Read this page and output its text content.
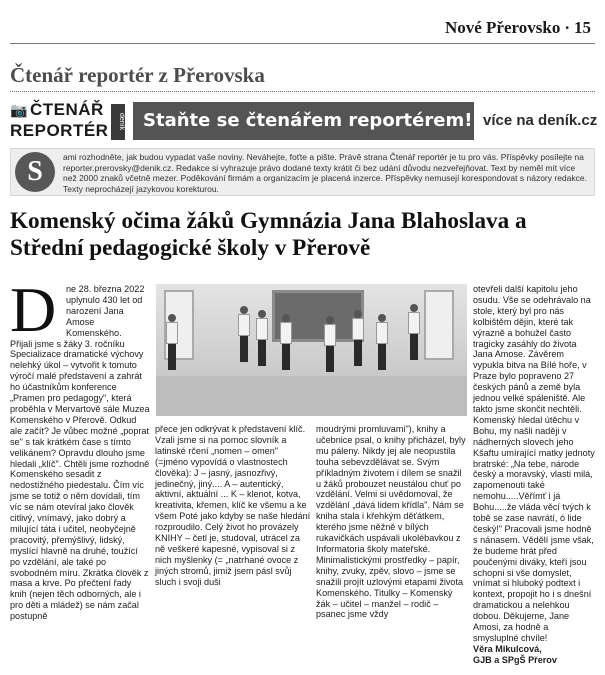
Nové Přerovsko · 15
Čtenář reportér z Přerovska
📷 ČTENÁŘ
REPORTÉR	deník	Staňte se čtenářem reportérem! více na deník.cz
S	ami rozhodněte, jak budou vypadat vaše noviny. Neváhejte, foťte a pište. Právě strana Čtenář reportér je tu pro vás. Příspěvky posílejte na reporter.prerovsky@denik.cz. Redakce si vyhrazuje právo dodané texty krátit či bez udání důvodu nezveřejňovat. Text by neměl mít více než 2000 znaků včetně mezer. Poděkování firmám a organizacím je placená inzerce. Příspěvky nemusejí korespondovat s názory redakce. Texty neprocházejí jazykovou korekturou.
Komenský očima žáků Gymnázia Jana Blahoslava a Střední pedagogické školy v Přerově
D	ne 28. března 2022 uplynulo 430 let od narození Jana Amose Komenského.

Přijali jsme s žáky 3. ročníku Specializace dramatické výchovy nelehký úkol – vytvořit k tomuto výročí malé představení a zahrát ho účastníkům konference „Pramen pro pedagogy", která proběhla v Mervartově sále Muzea Komenského v Přerově. Odkud ale začít? Je vůbec možné „poprat se" s tak krátkém čase s tímto velikánem? Opravdu dlouho jsme hledali „klíč". Chtěli jsme rozhodně Komenského sesadit z nedostižného piedestalu. Čím víc jsme se totiž o něm dovídali, tím víc se nám otevíral jako člověk citlivý, vnímavý, jako dobrý a milující táta i učitel, neobyčejně pracovitý, přemýšlivý, lidský, myslící hlavně na druhé, toužící po vzdělání, ale také po svobodném míru. Zkrátka člověk z masa a krve. Po přečtení řady knih (nejen těch odborných, ale i pro děti a mládež) se nám začal postupně

přece jen odkrývat k představení klíč. Vzali jsme si na pomoc slovník a latinské rčení „nomen – omen" (=jméno vypovídá o vlastnostech člověka): J – jasný, jasnozřivý, jedinečný, jiný.... A – autentický, aktivní, aktuální ... K – klenot, kotva, kreativita, křemen, klíč ke všemu a ke všem Poté jako kdyby se naše hledání rozproudilo. Celý život ho provázely KNIHY – četl je, studoval, utrácel za ně veškeré kapesné, vypisoval si z nich myšlenky (= „natrhané ovoce z jiných stromů, jimiž jsem pásl svůj sluch i svoji duši

moudrými promluvami"), knihy a učebnice psal, o knihy přicházel, byly mu páleny. Nikdy jej ale neopustila touha sebevzdělávat se. Svým příkladným životem i dílem se snažil u žáků probouzet neustálou chuť po vzdělání. Velmi si uvědomoval, že vzdělání „dává lidem křídla". Nám se kniha stala i křehkým děťátkem, kterého jsme něžně v bílých rukavičkách uspávali ukolébavkou z Informatoria školy mateřské. Minimalistickými prostředky – papír, knihy, zvuky, zpěv, slovo – jsme se snažili projít uzlovými etapami života Komenského. Titulky – Komenský žák – učitel – manžel – rodič – psanec jsme vždy

otevřeli další kapitolu jeho osudu. Vše se odehrávalo na stole, který byl pro nás kolbištěm dějin, které tak výrazně a bohužel často tragicky zasáhly do života Jana Amose. Závěrem vypukla bitva na Bílé hoře, v Praze bylo popraveno 27 českých pánů a země byla jednou velké spáleniště. Ale takto jsme skončit nechtěli. Komenský hledal útěchu v Bohu, my našli naději v nádherných slovech jeho Kšaftu umírající matky jednoty bratrské: „Na tebe, národe český a moravský, vlasti milá, zapomenouti také nemohu.....Věřímť i já Bohu.....že vláda věcí tvých k tobě se zase navrátí, ó lide český!" Pracovali jsme hodně s nánasem. Vědělí jsme však, že budeme hrát před poučenými diváky, kteří jsou schopni si vše domyslet, vnímat si hluboký podtext i kontext, propojit ho i s dnešní dramatickou a nelehkou dobou. Děkujeme, Jane Amosi, za hodně a smysluplné chvíle!

Věra Mikulcová,

GJB a SPgŠ Přerov
